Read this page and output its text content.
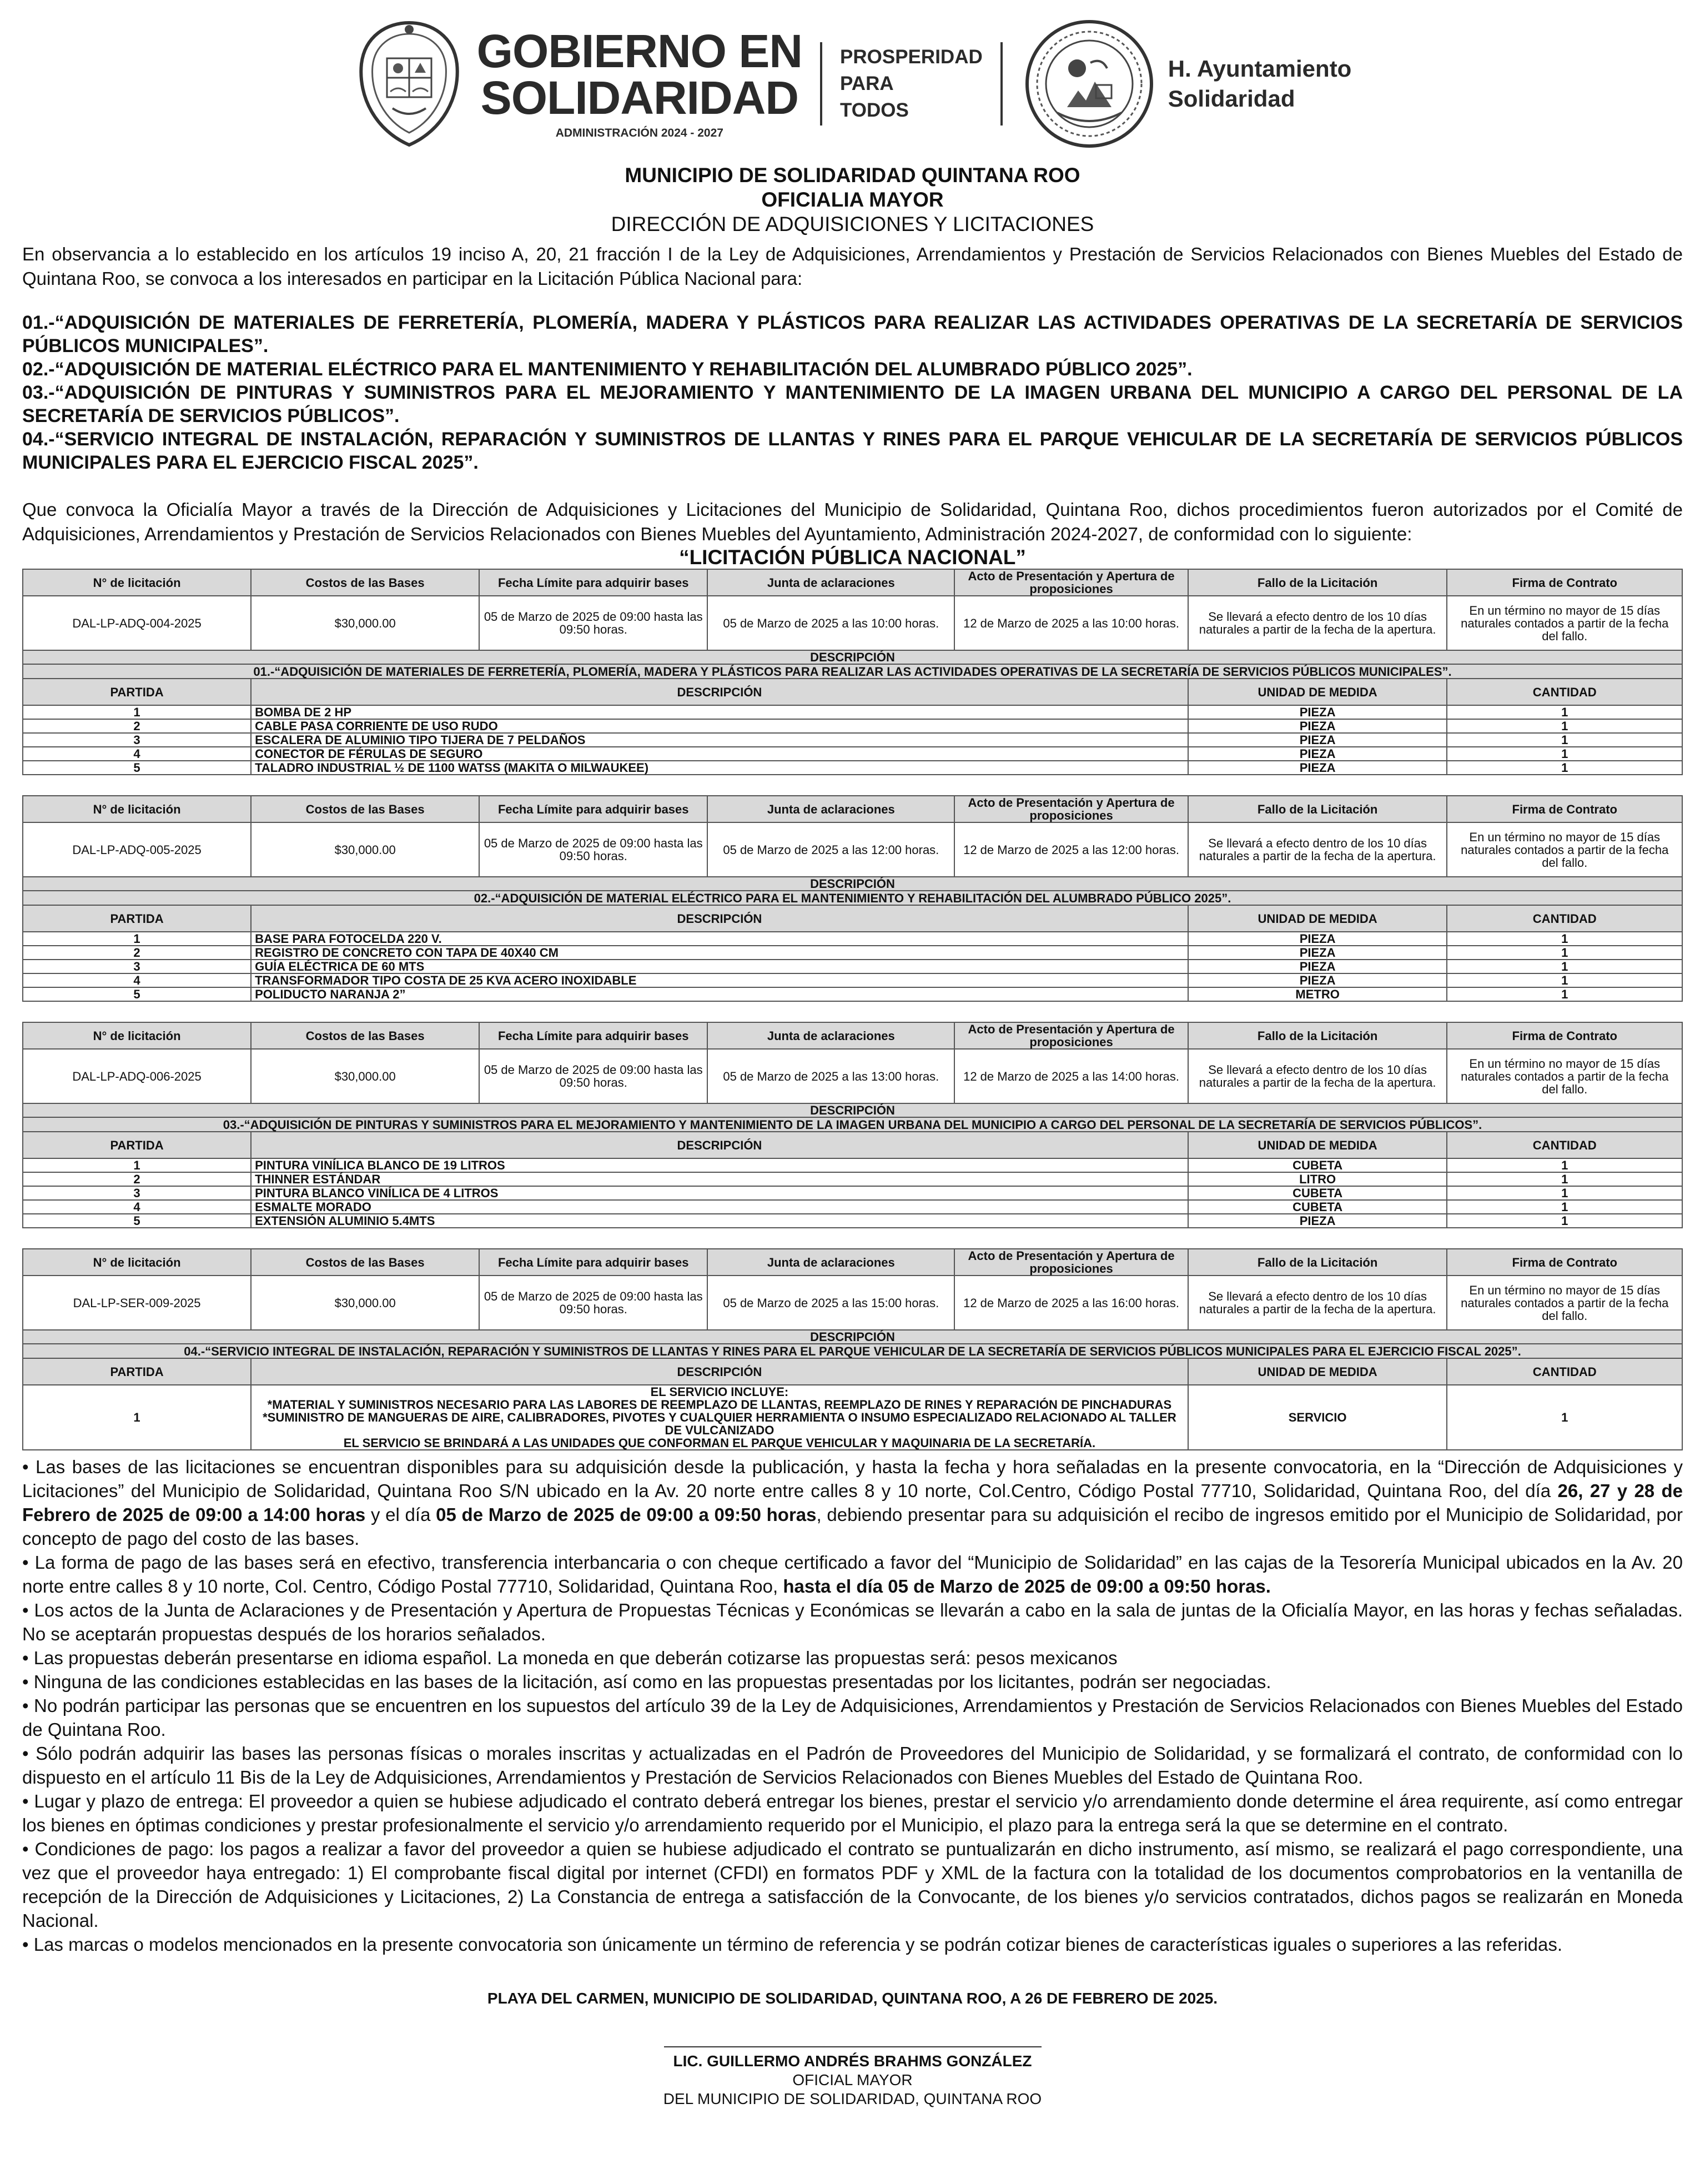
GOBIERNO EN
SOLIDARIDAD
ADMINISTRACIÓN 2024 - 2027
PROSPERIDAD
PARA
TODOS
H. Ayuntamiento
Solidaridad
MUNICIPIO DE SOLIDARIDAD QUINTANA ROO
OFICIALIA MAYOR
DIRECCIÓN DE ADQUISICIONES Y LICITACIONES
En observancia a lo establecido en los artículos 19 inciso A, 20, 21 fracción I de la Ley de Adquisiciones, Arrendamientos y Prestación de Servicios Relacionados con Bienes Muebles del Estado de Quintana Roo, se convoca a los interesados en participar en la Licitación Pública Nacional para:
01.-“ADQUISICIÓN DE MATERIALES DE FERRETERÍA, PLOMERÍA, MADERA Y PLÁSTICOS PARA REALIZAR LAS ACTIVIDADES OPERATIVAS DE LA SECRETARÍA DE SERVICIOS PÚBLICOS MUNICIPALES”.
02.-“ADQUISICIÓN DE MATERIAL ELÉCTRICO PARA EL MANTENIMIENTO Y REHABILITACIÓN DEL ALUMBRADO PÚBLICO 2025”.
03.-“ADQUISICIÓN DE PINTURAS Y SUMINISTROS PARA EL MEJORAMIENTO Y MANTENIMIENTO DE LA IMAGEN URBANA DEL MUNICIPIO A CARGO DEL PERSONAL DE LA SECRETARÍA DE SERVICIOS PÚBLICOS”.
04.-“SERVICIO INTEGRAL DE INSTALACIÓN, REPARACIÓN Y SUMINISTROS DE LLANTAS Y RINES PARA EL PARQUE VEHICULAR DE LA SECRETARÍA DE SERVICIOS PÚBLICOS MUNICIPALES PARA EL EJERCICIO FISCAL 2025”.
Que convoca la Oficialía Mayor a través de la Dirección de Adquisiciones y Licitaciones del Municipio de Solidaridad, Quintana Roo, dichos procedimientos fueron autorizados por el Comité de Adquisiciones, Arrendamientos y Prestación de Servicios Relacionados con Bienes Muebles del Ayuntamiento, Administración 2024-2027, de conformidad con lo siguiente:
“LICITACIÓN PÚBLICA NACIONAL”
N° de licitación	Costos de las Bases	Fecha Límite para adquirir bases	Junta de aclaraciones	Acto de Presentación y Apertura de proposiciones	Fallo de la Licitación	Firma de Contrato
DAL-LP-ADQ-004-2025	$30,000.00	05 de Marzo de 2025 de 09:00 hasta las 09:50 horas.	05 de Marzo de 2025 a las 10:00 horas.	12 de Marzo de 2025 a las 10:00 horas.	Se llevará a efecto dentro de los 10 días naturales a partir de la fecha de la apertura.	En un término no mayor de 15 días naturales contados a partir de la fecha del fallo.
DESCRIPCIÓN						
01.-“ADQUISICIÓN DE MATERIALES DE FERRETERÍA, PLOMERÍA, MADERA Y PLÁSTICOS PARA REALIZAR LAS ACTIVIDADES OPERATIVAS DE LA SECRETARÍA DE SERVICIOS PÚBLICOS MUNICIPALES”.						
PARTIDA	DESCRIPCIÓN				UNIDAD DE MEDIDA	CANTIDAD
1	BOMBA DE 2 HP				PIEZA	1
2	CABLE PASA CORRIENTE DE USO RUDO				PIEZA	1
3	ESCALERA DE ALUMINIO TIPO TIJERA DE 7 PELDAÑOS				PIEZA	1
4	CONECTOR DE FÉRULAS DE SEGURO				PIEZA	1
5	TALADRO INDUSTRIAL ½ DE 1100 WATSS (MAKITA O MILWAUKEE)				PIEZA	1
N° de licitación	Costos de las Bases	Fecha Límite para adquirir bases	Junta de aclaraciones	Acto de Presentación y Apertura de proposiciones	Fallo de la Licitación	Firma de Contrato
DAL-LP-ADQ-005-2025	$30,000.00	05 de Marzo de 2025 de 09:00 hasta las 09:50 horas.	05 de Marzo de 2025 a las 12:00 horas.	12 de Marzo de 2025 a las 12:00 horas.	Se llevará a efecto dentro de los 10 días naturales a partir de la fecha de la apertura.	En un término no mayor de 15 días naturales contados a partir de la fecha del fallo.
DESCRIPCIÓN						
02.-“ADQUISICIÓN DE MATERIAL ELÉCTRICO PARA EL MANTENIMIENTO Y REHABILITACIÓN DEL ALUMBRADO PÚBLICO 2025”.						
PARTIDA	DESCRIPCIÓN				UNIDAD DE MEDIDA	CANTIDAD
1	BASE PARA FOTOCELDA 220 V.				PIEZA	1
2	REGISTRO DE CONCRETO CON TAPA DE 40X40 CM				PIEZA	1
3	GUÍA ELÉCTRICA DE 60 MTS				PIEZA	1
4	TRANSFORMADOR TIPO COSTA DE 25 KVA ACERO INOXIDABLE				PIEZA	1
5	POLIDUCTO NARANJA 2”				METRO	1
N° de licitación	Costos de las Bases	Fecha Límite para adquirir bases	Junta de aclaraciones	Acto de Presentación y Apertura de proposiciones	Fallo de la Licitación	Firma de Contrato
DAL-LP-ADQ-006-2025	$30,000.00	05 de Marzo de 2025 de 09:00 hasta las 09:50 horas.	05 de Marzo de 2025 a las 13:00 horas.	12 de Marzo de 2025 a las 14:00 horas.	Se llevará a efecto dentro de los 10 días naturales a partir de la fecha de la apertura.	En un término no mayor de 15 días naturales contados a partir de la fecha del fallo.
DESCRIPCIÓN						
03.-“ADQUISICIÓN DE PINTURAS Y SUMINISTROS PARA EL MEJORAMIENTO Y MANTENIMIENTO DE LA IMAGEN URBANA DEL MUNICIPIO A CARGO DEL PERSONAL DE LA SECRETARÍA DE SERVICIOS PÚBLICOS”.						
PARTIDA	DESCRIPCIÓN				UNIDAD DE MEDIDA	CANTIDAD
1	PINTURA VINÍLICA BLANCO DE 19 LITROS				CUBETA	1
2	THINNER ESTÁNDAR				LITRO	1
3	PINTURA BLANCO VINÍLICA DE 4 LITROS				CUBETA	1
4	ESMALTE MORADO				CUBETA	1
5	EXTENSIÓN ALUMINIO 5.4MTS				PIEZA	1
N° de licitación	Costos de las Bases	Fecha Límite para adquirir bases	Junta de aclaraciones	Acto de Presentación y Apertura de proposiciones	Fallo de la Licitación	Firma de Contrato
DAL-LP-SER-009-2025	$30,000.00	05 de Marzo de 2025 de 09:00 hasta las 09:50 horas.	05 de Marzo de 2025 a las 15:00 horas.	12 de Marzo de 2025 a las 16:00 horas.	Se llevará a efecto dentro de los 10 días naturales a partir de la fecha de la apertura.	En un término no mayor de 15 días naturales contados a partir de la fecha del fallo.
DESCRIPCIÓN						
04.-“SERVICIO INTEGRAL DE INSTALACIÓN, REPARACIÓN Y SUMINISTROS DE LLANTAS Y RINES PARA EL PARQUE VEHICULAR DE LA SECRETARÍA DE SERVICIOS PÚBLICOS MUNICIPALES PARA EL EJERCICIO FISCAL 2025”.						
PARTIDA	DESCRIPCIÓN				UNIDAD DE MEDIDA	CANTIDAD
1	EL SERVICIO INCLUYE:
*MATERIAL Y SUMINISTROS NECESARIO PARA LAS LABORES DE REEMPLAZO DE LLANTAS, REEMPLAZO DE RINES Y REPARACIÓN DE PINCHADURAS
*SUMINISTRO DE MANGUERAS DE AIRE, CALIBRADORES, PIVOTES Y CUALQUIER HERRAMIENTA O INSUMO ESPECIALIZADO RELACIONADO AL TALLER DE VULCANIZADO
EL SERVICIO SE BRINDARÁ A LAS UNIDADES QUE CONFORMAN EL PARQUE VEHICULAR Y MAQUINARIA DE LA SECRETARÍA.				SERVICIO	1
• Las bases de las licitaciones se encuentran disponibles para su adquisición desde la publicación, y hasta la fecha y hora señaladas en la presente convocatoria, en la “Dirección de Adquisiciones y Licitaciones” del Municipio de Solidaridad, Quintana Roo S/N ubicado en la Av. 20 norte entre calles 8 y 10 norte, Col.Centro, Código Postal 77710, Solidaridad, Quintana Roo, del día 26, 27 y 28 de Febrero de 2025 de 09:00 a 14:00 horas y el día 05 de Marzo de 2025 de 09:00 a 09:50 horas, debiendo presentar para su adquisición el recibo de ingresos emitido por el Municipio de Solidaridad, por concepto de pago del costo de las bases.
• La forma de pago de las bases será en efectivo, transferencia interbancaria o con cheque certificado a favor del “Municipio de Solidaridad” en las cajas de la Tesorería Municipal ubicados en la Av. 20 norte entre calles 8 y 10 norte, Col. Centro, Código Postal 77710, Solidaridad, Quintana Roo, hasta el día 05 de Marzo de 2025 de 09:00 a 09:50 horas.
• Los actos de la Junta de Aclaraciones y de Presentación y Apertura de Propuestas Técnicas y Económicas se llevarán a cabo en la sala de juntas de la Oficialía Mayor, en las horas y fechas señaladas. No se aceptarán propuestas después de los horarios señalados.
• Las propuestas deberán presentarse en idioma español. La moneda en que deberán cotizarse las propuestas será: pesos mexicanos
• Ninguna de las condiciones establecidas en las bases de la licitación, así como en las propuestas presentadas por los licitantes, podrán ser negociadas.
• No podrán participar las personas que se encuentren en los supuestos del artículo 39 de la Ley de Adquisiciones, Arrendamientos y Prestación de Servicios Relacionados con Bienes Muebles del Estado de Quintana Roo.
• Sólo podrán adquirir las bases las personas físicas o morales inscritas y actualizadas en el Padrón de Proveedores del Municipio de Solidaridad, y se formalizará el contrato, de conformidad con lo dispuesto en el artículo 11 Bis de la Ley de Adquisiciones, Arrendamientos y Prestación de Servicios Relacionados con Bienes Muebles del Estado de Quintana Roo.
• Lugar y plazo de entrega: El proveedor a quien se hubiese adjudicado el contrato deberá entregar los bienes, prestar el servicio y/o arrendamiento donde determine el área requirente, así como entregar los bienes en óptimas condiciones y prestar profesionalmente el servicio y/o arrendamiento requerido por el Municipio, el plazo para la entrega será la que se determine en el contrato.
• Condiciones de pago: los pagos a realizar a favor del proveedor a quien se hubiese adjudicado el contrato se puntualizarán en dicho instrumento, así mismo, se realizará el pago correspondiente, una vez que el proveedor haya entregado: 1) El comprobante fiscal digital por internet (CFDI) en formatos PDF y XML de la factura con la totalidad de los documentos comprobatorios en la ventanilla de recepción de la Dirección de Adquisiciones y Licitaciones, 2) La Constancia de entrega a satisfacción de la Convocante, de los bienes y/o servicios contratados, dichos pagos se realizarán en Moneda Nacional.
• Las marcas o modelos mencionados en la presente convocatoria son únicamente un término de referencia y se podrán cotizar bienes de características iguales o superiores a las referidas.
PLAYA DEL CARMEN, MUNICIPIO DE SOLIDARIDAD, QUINTANA ROO, A 26 DE FEBRERO DE 2025.
LIC. GUILLERMO ANDRÉS BRAHMS GONZÁLEZ
OFICIAL MAYOR
DEL MUNICIPIO DE SOLIDARIDAD, QUINTANA ROO
